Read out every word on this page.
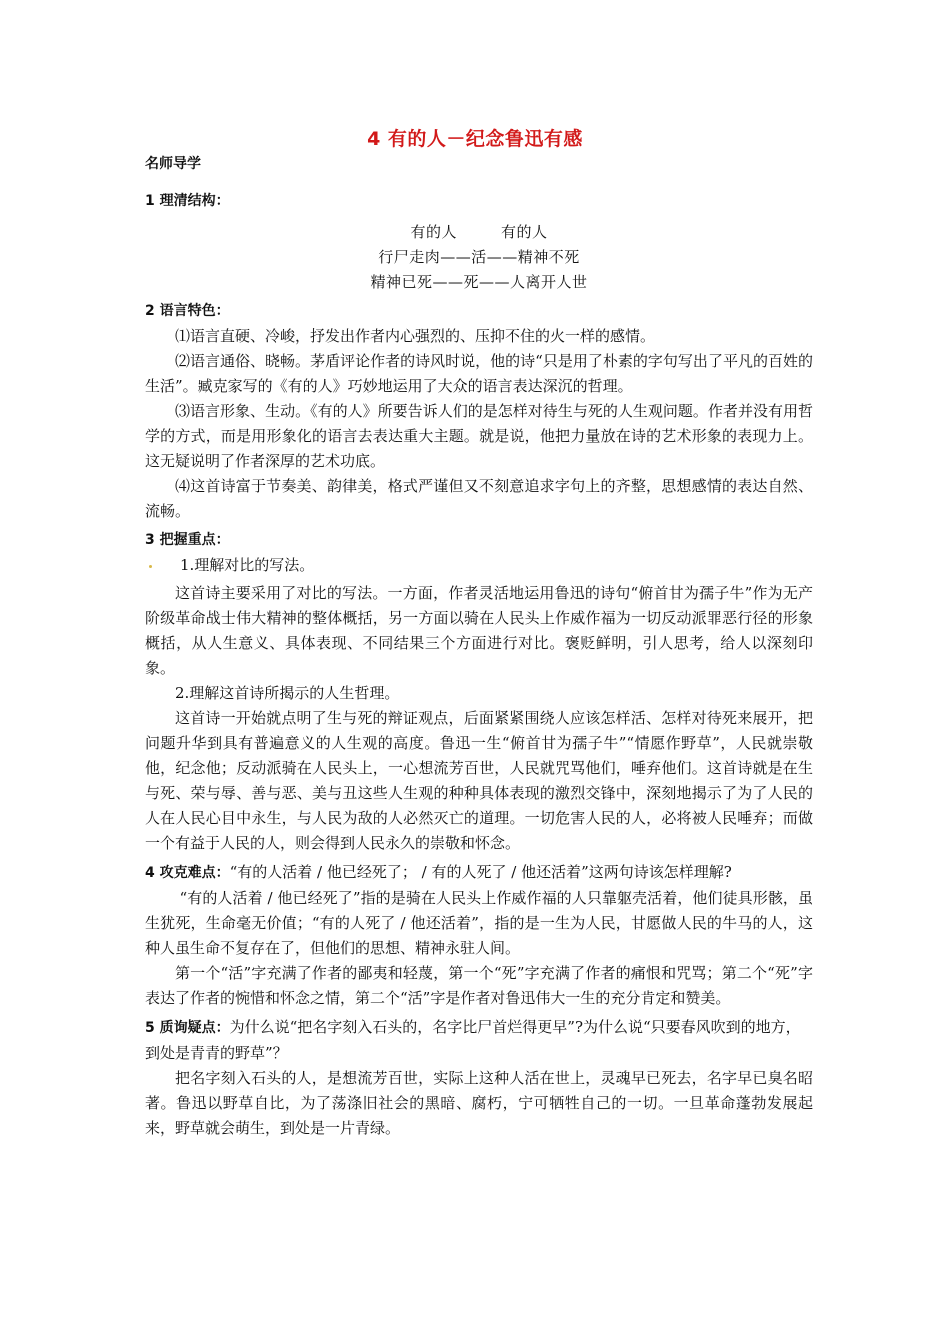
4 有的人－纪念鲁迅有感
名师导学
1 理清结构：
有的人	有的人
行尸走肉——活——精神不死
精神已死——死——人离开人世
2 语言特色：

⑴语言直硬、冷峻，抒发出作者内心强烈的、压抑不住的火一样的感情。

⑵语言通俗、晓畅。茅盾评论作者的诗风时说，他的诗“只是用了朴素的字句写出了平凡的百姓的生活”。臧克家写的《有的人》巧妙地运用了大众的语言表达深沉的哲理。

⑶语言形象、生动。《有的人》所要告诉人们的是怎样对待生与死的人生观问题。作者并没有用哲学的方式，而是用形象化的语言去表达重大主题。就是说，他把力量放在诗的艺术形象的表现力上。这无疑说明了作者深厚的艺术功底。

⑷这首诗富于节奏美、韵律美，格式严谨但又不刻意追求字句上的齐整，思想感情的表达自然、流畅。

3 把握重点：

1.理解对比的写法。

这首诗主要采用了对比的写法。一方面，作者灵活地运用鲁迅的诗句“俯首甘为孺子牛”作为无产阶级革命战士伟大精神的整体概括，另一方面以骑在人民头上作威作福为一切反动派罪恶行径的形象概括，从人生意义、具体表现、不同结果三个方面进行对比。褒贬鲜明，引人思考，给人以深刻印象。

2.理解这首诗所揭示的人生哲理。

这首诗一开始就点明了生与死的辩证观点，后面紧紧围绕人应该怎样活、怎样对待死来展开，把问题升华到具有普遍意义的人生观的高度。鲁迅一生“俯首甘为孺子牛”“情愿作野草”，人民就崇敬他，纪念他；反动派骑在人民头上，一心想流芳百世，人民就咒骂他们，唾弃他们。这首诗就是在生与死、荣与辱、善与恶、美与丑这些人生观的种种具体表现的激烈交锋中，深刻地揭示了为了人民的人在人民心目中永生，与人民为敌的人必然灭亡的道理。一切危害人民的人，必将被人民唾弃；而做一个有益于人民的人，则会得到人民永久的崇敬和怀念。

4 攻克难点：“有的人活着 / 他已经死了； / 有的人死了 / 他还活着”这两句诗该怎样理解?

“有的人活着 / 他已经死了”指的是骑在人民头上作威作福的人只靠躯壳活着，他们徒具形骸，虽生犹死，生命毫无价值；“有的人死了 / 他还活着”，指的是一生为人民，甘愿做人民的牛马的人，这种人虽生命不复存在了，但他们的思想、精神永驻人间。

第一个“活”字充满了作者的鄙夷和轻蔑，第一个“死”字充满了作者的痛恨和咒骂；第二个“死”字表达了作者的惋惜和怀念之情，第二个“活”字是作者对鲁迅伟大一生的充分肯定和赞美。

5 质询疑点：为什么说“把名字刻入石头的，名字比尸首烂得更早”?为什么说“只要春风吹到的地方，到处是青青的野草”？

把名字刻入石头的人，是想流芳百世，实际上这种人活在世上，灵魂早已死去，名字早已臭名昭著。鲁迅以野草自比，为了荡涤旧社会的黑暗、腐朽，宁可牺牲自己的一切。一旦革命蓬勃发展起来，野草就会萌生，到处是一片青绿。
